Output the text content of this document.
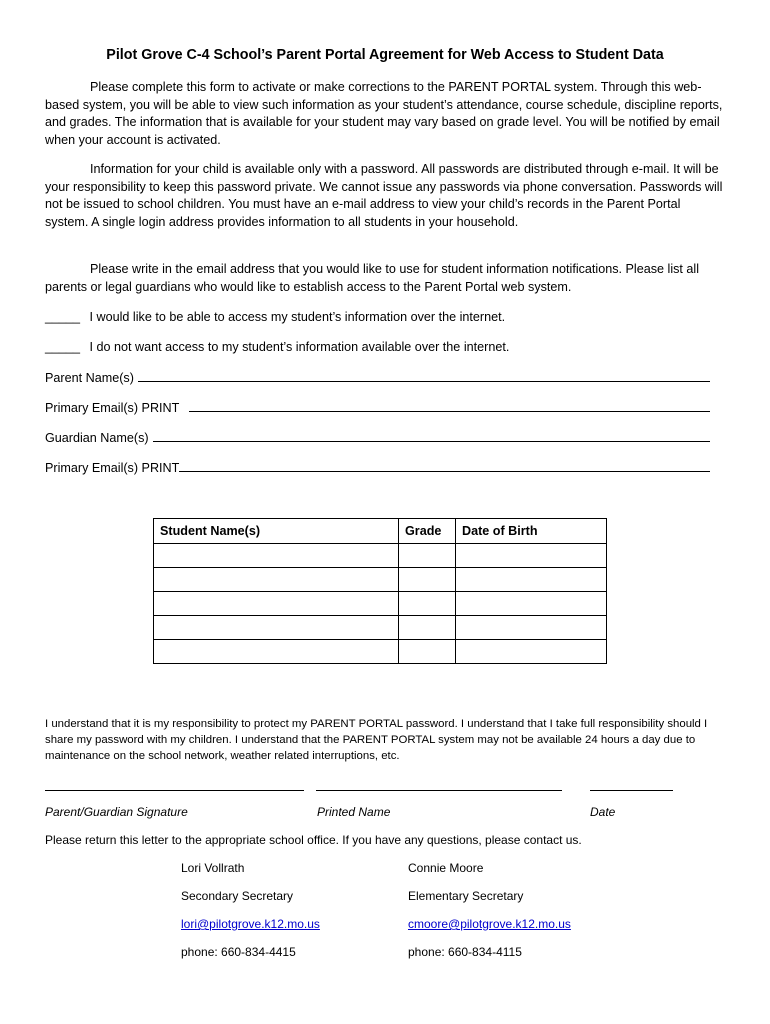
Pilot Grove C-4 School’s Parent Portal Agreement for Web Access to Student Data
Please complete this form to activate or make corrections to the PARENT PORTAL system. Through this web-based system, you will be able to view such information as your student’s attendance, course schedule, discipline reports, and grades. The information that is available for your student may vary based on grade level. You will be notified by email when your account is activated.
Information for your child is available only with a password. All passwords are distributed through e-mail. It will be your responsibility to keep this password private. We cannot issue any passwords via phone conversation. Passwords will not be issued to school children. You must have an e-mail address to view your child’s records in the Parent Portal system. A single login address provides information to all students in your household.
Please write in the email address that you would like to use for student information notifications. Please list all parents or legal guardians who would like to establish access to the Parent Portal web system.
_____ I would like to be able to access my student’s information over the internet.
_____ I do not want access to my student’s information available over the internet.
Parent Name(s)
Primary Email(s) PRINT
Guardian Name(s)
Primary Email(s) PRINT
Student Name(s)	Grade	Date of Birth

I understand that it is my responsibility to protect my PARENT PORTAL password. I understand that I take full responsibility should I share my password with my children. I understand that the PARENT PORTAL system may not be available 24 hours a day due to maintenance on the school network, weather related interruptions, etc.
Parent/Guardian Signature	Printed Name	Date
Please return this letter to the appropriate school office. If you have any questions, please contact us.
Lori Vollrath	Connie Moore
Secondary Secretary	Elementary Secretary
lori@pilotgrove.k12.mo.us	cmoore@pilotgrove.k12.mo.us
phone: 660-834-4415	phone: 660-834-4115
